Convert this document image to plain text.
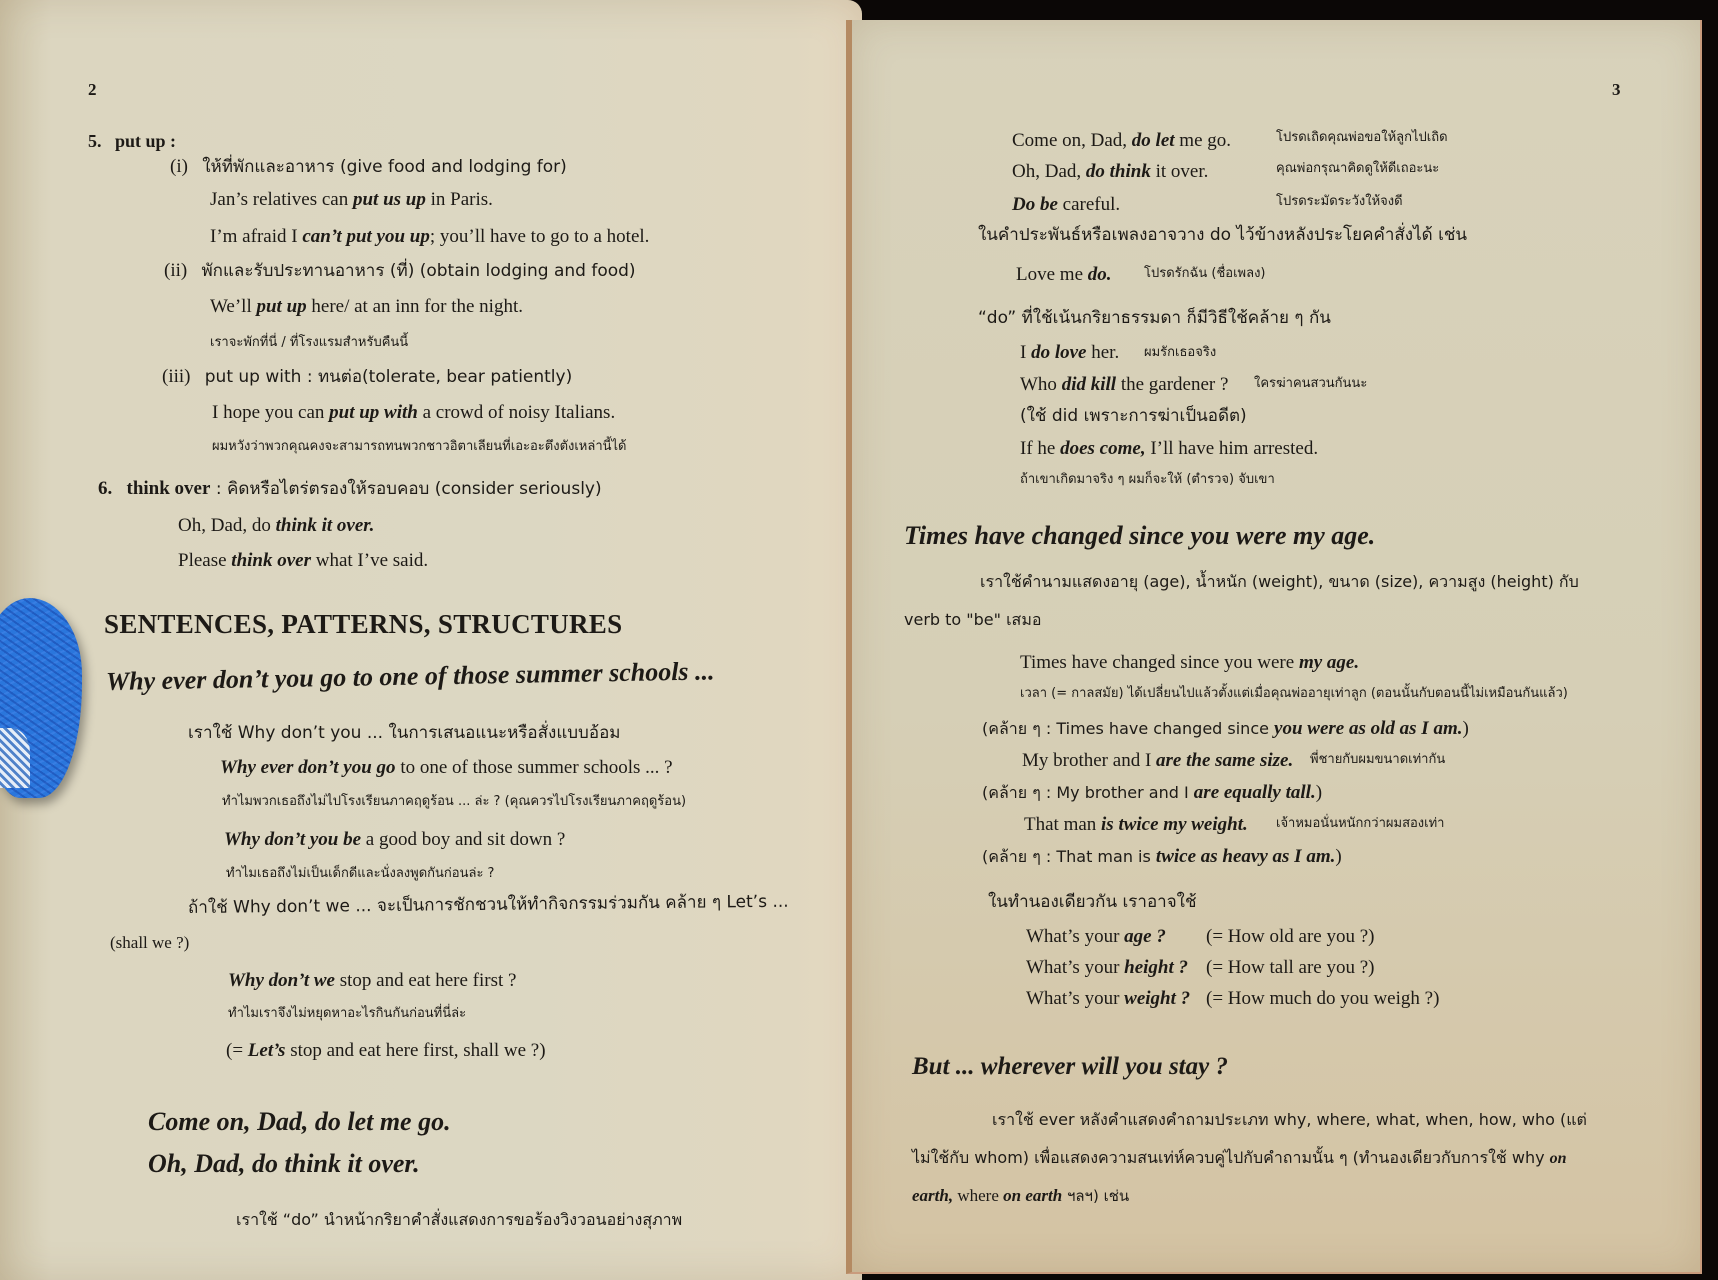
2
5. put up :
(i) ให้ที่พักและอาหาร (give food and lodging for)
Jan’s relatives can put us up in Paris.
I’m afraid I can’t put you up; you’ll have to go to a hotel.
(ii) พักและรับประทานอาหาร (ที่) (obtain lodging and food)
We’ll put up here/ at an inn for the night.
เราจะพักที่นี่ / ที่โรงแรมสำหรับคืนนี้
(iii) put up with : ทนต่อ(tolerate, bear patiently)
I hope you can put up with a crowd of noisy Italians.
ผมหวังว่าพวกคุณคงจะสามารถทนพวกชาวอิตาเลียนที่เอะอะตึงตังเหล่านี้ได้
6. think over : คิดหรือไตร่ตรองให้รอบคอบ (consider seriously)
Oh, Dad, do think it over.
Please think over what I’ve said.
SENTENCES, PATTERNS, STRUCTURES
Why ever don’t you go to one of those summer schools ...
เราใช้ Why don’t you ... ในการเสนอแนะหรือสั่งแบบอ้อม
Why ever don’t you go to one of those summer schools ... ?
ทำไมพวกเธอถึงไม่ไปโรงเรียนภาคฤดูร้อน ... ล่ะ ? (คุณควรไปโรงเรียนภาคฤดูร้อน)
Why don’t you be a good boy and sit down ?
ทำไมเธอถึงไม่เป็นเด็กดีและนั่งลงพูดกันก่อนล่ะ ?
ถ้าใช้ Why don’t we ... จะเป็นการชักชวนให้ทำกิจกรรมร่วมกัน คล้าย ๆ Let’s ...
(shall we ?)
Why don’t we stop and eat here first ?
ทำไมเราจึงไม่หยุดหาอะไรกินกันก่อนที่นี่ล่ะ
(= Let’s stop and eat here first, shall we ?)
Come on, Dad, do let me go.
Oh, Dad, do think it over.
เราใช้ “do” นำหน้ากริยาคำสั่งแสดงการขอร้องวิงวอนอย่างสุภาพ
3
Come on, Dad, do let me go.	โปรดเถิดคุณพ่อขอให้ลูกไปเถิด
Oh, Dad, do think it over.	คุณพ่อกรุณาคิดดูให้ดีเถอะนะ
Do be careful.	โปรดระมัดระวังให้จงดี
ในคำประพันธ์หรือเพลงอาจวาง do ไว้ข้างหลังประโยคคำสั่งได้ เช่น
Love me do. โปรดรักฉัน (ชื่อเพลง)
“do” ที่ใช้เน้นกริยาธรรมดา ก็มีวิธีใช้คล้าย ๆ กัน
I do love her. ผมรักเธอจริง
Who did kill the gardener ? ใครฆ่าคนสวนกันนะ
(ใช้ did เพราะการฆ่าเป็นอดีต)
If he does come, I’ll have him arrested.
ถ้าเขาเกิดมาจริง ๆ ผมก็จะให้ (ตำรวจ) จับเขา
Times have changed since you were my age.
เราใช้คำนามแสดงอายุ (age), น้ำหนัก (weight), ขนาด (size), ความสูง (height) กับ
verb to "be" เสมอ
Times have changed since you were my age.
เวลา (= กาลสมัย) ได้เปลี่ยนไปแล้วตั้งแต่เมื่อคุณพ่ออายุเท่าลูก (ตอนนั้นกับตอนนี้ไม่เหมือนกันแล้ว)
(คล้าย ๆ : Times have changed since you were as old as I am.)
My brother and I are the same size. พี่ชายกับผมขนาดเท่ากัน
(คล้าย ๆ : My brother and I are equally tall.)
That man is twice my weight. เจ้าหมอนั่นหนักกว่าผมสองเท่า
(คล้าย ๆ : That man is twice as heavy as I am.)
ในทำนองเดียวกัน เราอาจใช้
What’s your age ? (= How old are you ?)
What’s your height ? (= How tall are you ?)
What’s your weight ? (= How much do you weigh ?)
But ... wherever will you stay ?
เราใช้ ever หลังคำแสดงคำถามประเภท why, where, what, when, how, who (แต่
ไม่ใช้กับ whom) เพื่อแสดงความสนเท่ห์ควบคู่ไปกับคำถามนั้น ๆ (ทำนองเดียวกับการใช้ why on
earth, where on earth ฯลฯ) เช่น
